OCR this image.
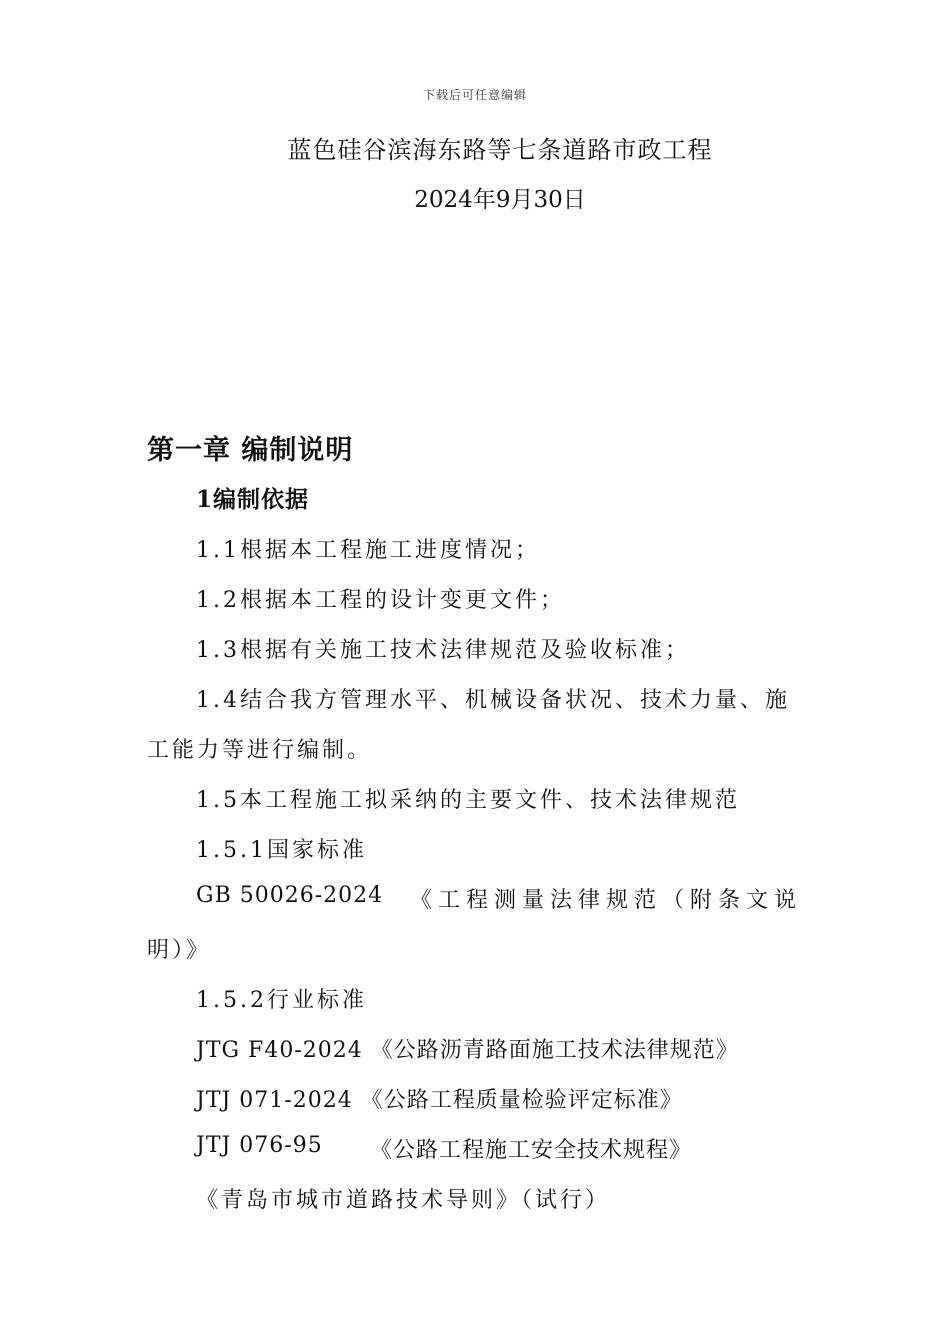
下载后可任意编辑
蓝色硅谷滨海东路等七条道路市政工程
2024年9月30日
第一章 编制说明
1编制依据
1.1根据本工程施工进度情况；
1.2根据本工程的设计变更文件；
1.3根据有关施工技术法律规范及验收标准；
1.4结合我方管理水平、机械设备状况、技术力量、施
工能力等进行编制。
1.5本工程施工拟采纳的主要文件、技术法律规范
1.5.1国家标准
GB 50026-2024 《工程测量法律规范（附条文说
明）》
1.5.2行业标准
JTG F40-2024 《公路沥青路面施工技术法律规范》
JTJ 071-2024 《公路工程质量检验评定标准》
JTJ 076-95 《公路工程施工安全技术规程》
《青岛市城市道路技术导则》（试行）
